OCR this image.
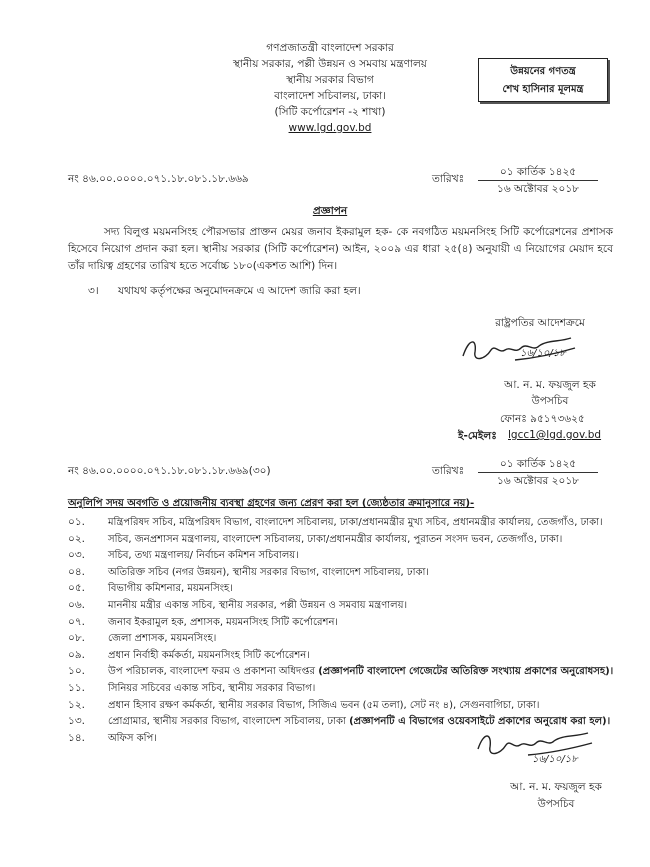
গণপ্রজাতন্ত্রী বাংলাদেশ সরকার
স্থানীয় সরকার, পল্লী উন্নয়ন ও সমবায় মন্ত্রণালয়
স্থানীয় সরকার বিভাগ
বাংলাদেশ সচিবালয়, ঢাকা।
(সিটি কর্পোরেশন -২ শাখা)
www.lgd.gov.bd
উন্নয়নের গণতন্ত্র
শেখ হাসিনার মূলমন্ত্র
নং ৪৬.০০.০০০০.০৭১.১৮.০৮১.১৮.৬৬৯	তারিখঃ
০১ কার্তিক ১৪২৫
১৬ অক্টোবর ২০১৮
প্রজ্ঞাপন
সদ্য বিলুপ্ত ময়মনসিংহ পৌরসভার প্রাক্তন মেয়র জনাব ইকরামুল হক- কে নবগঠিত ময়মনসিংহ সিটি কর্পোরেশনের প্রশাসক হিসেবে নিয়োগ প্রদান করা হল। স্থানীয় সরকার (সিটি কর্পোরেশন) আইন, ২০০৯ এর ধারা ২৫(৪) অনুযায়ী এ নিয়োগের মেয়াদ হবে তাঁর দায়িত্ব গ্রহণের তারিখ হতে সর্বোচ্চ ১৮০(একশত আশি) দিন।
৩। যথাযথ কর্তৃপক্ষের অনুমোদনক্রমে এ আদেশ জারি করা হল।
রাষ্ট্রপতির আদেশক্রমে
১৬/১০/১৮
আ. ন. ম. ফয়জুল হক
উপসচিব
ফোনঃ ৯৫১৭৩৬২৫
ই-মেইলঃ lgcc1@lgd.gov.bd
নং ৪৬.০০.০০০০.০৭১.১৮.০৮১.১৮.৬৬৯(৩০)	তারিখঃ
০১ কার্তিক ১৪২৫
১৬ অক্টোবর ২০১৮
অনুলিপি সদয় অবগতি ও প্রয়োজনীয় ব্যবস্থা গ্রহণের জন্য প্রেরণ করা হল (জ্যেষ্ঠতার ক্রমানুসারে নয়)-
০১.	মন্ত্রিপরিষদ সচিব, মন্ত্রিপরিষদ বিভাগ, বাংলাদেশ সচিবালয়, ঢাকা/প্রধানমন্ত্রীর মুখ্য সচিব, প্রধানমন্ত্রীর কার্যালয়, তেজগাঁও, ঢাকা।
০২.	সচিব, জনপ্রশাসন মন্ত্রণালয়, বাংলাদেশ সচিবালয়, ঢাকা/প্রধানমন্ত্রীর কার্যালয়, পুরাতন সংসদ ভবন, তেজগাঁও, ঢাকা।
০৩.	সচিব, তথ্য মন্ত্রণালয়/ নির্বাচন কমিশন সচিবালয়।
০৪.	অতিরিক্ত সচিব (নগর উন্নয়ন), স্থানীয় সরকার বিভাগ, বাংলাদেশ সচিবালয়, ঢাকা।
০৫.	বিভাগীয় কমিশনার, ময়মনসিংহ।
০৬.	মাননীয় মন্ত্রীর একান্ত সচিব, স্থানীয় সরকার, পল্লী উন্নয়ন ও সমবায় মন্ত্রণালয়।
০৭.	জনাব ইকরামুল হক, প্রশাসক, ময়মনসিংহ সিটি কর্পোরেশন।
০৮.	জেলা প্রশাসক, ময়মনসিংহ।
০৯.	প্রধান নির্বাহী কর্মকর্তা, ময়মনসিংহ সিটি কর্পোরেশন।
১০.	উপ পরিচালক, বাংলাদেশ ফরম ও প্রকাশনা অধিদপ্তর (প্রজ্ঞাপনটি বাংলাদেশ গেজেটের অতিরিক্ত সংখ্যায় প্রকাশের অনুরোধসহ)।
১১.	সিনিয়র সচিবের একান্ত সচিব, স্থানীয় সরকার বিভাগ।
১২.	প্রধান হিসাব রক্ষণ কর্মকর্তা, স্থানীয় সরকার বিভাগ, সিজিএ ভবন (৫ম তলা), সেট নং ৪), সেগুনবাগিচা, ঢাকা।
১৩.	প্রোগ্রামার, স্থানীয় সরকার বিভাগ, বাংলাদেশ সচিবালয়, ঢাকা (প্রজ্ঞাপনটি এ বিভাগের ওয়েবসাইটে প্রকাশের অনুরোধ করা হল)।
১৪.	অফিস কপি।
১৬/১০/১৮
আ. ন. ম. ফয়জুল হক
উপসচিব
